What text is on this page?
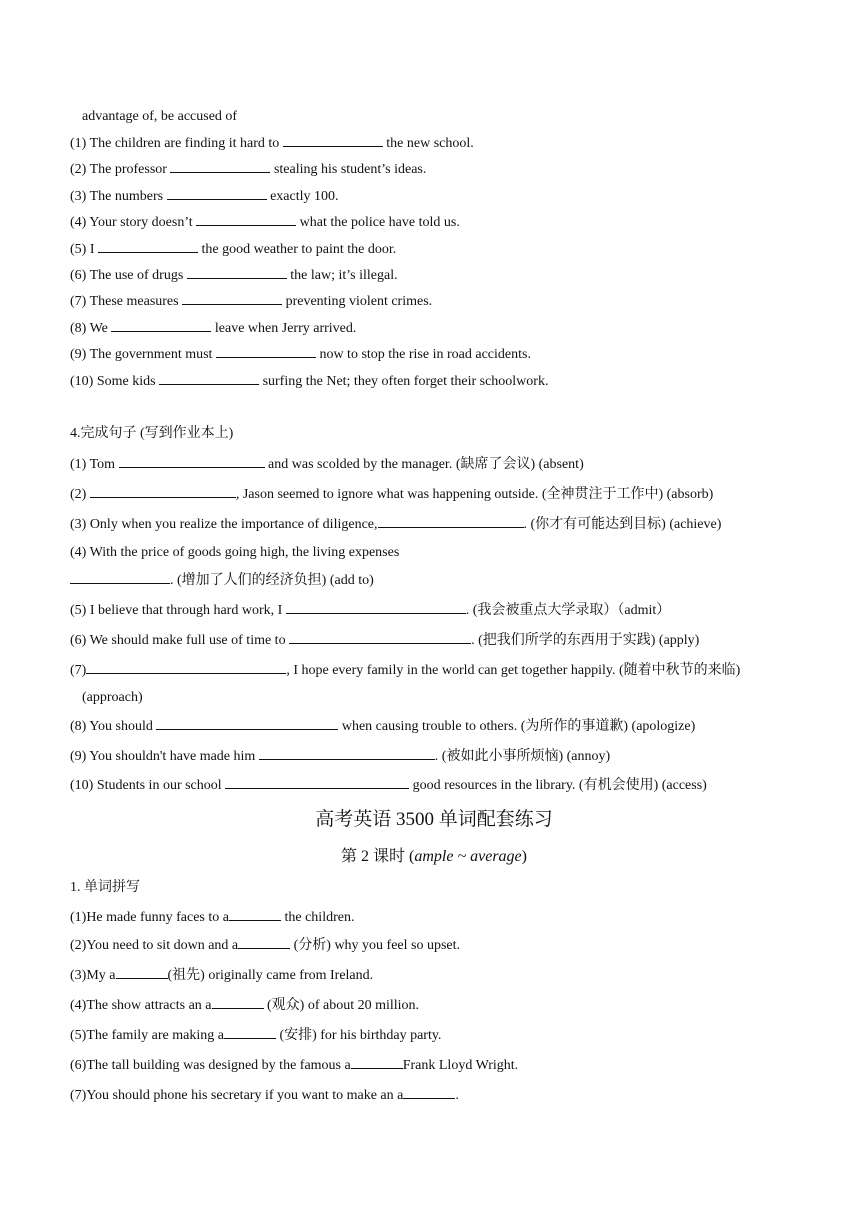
advantage of, be accused of
(1) The children are finding it hard to	the new school.
(2) The professor	stealing his student’s ideas.
(3) The numbers	exactly 100.
(4) Your story doesn’t	what the police have told us.
(5) I	the good weather to paint the door.
(6) The use of drugs	the law; it’s illegal.
(7) These measures	preventing violent crimes.
(8) We	leave when Jerry arrived.
(9) The government must	now to stop the rise in road accidents.
(10) Some kids	surfing the Net; they often forget their schoolwork.
4.完成句子 (写到作业本上)
(1) Tom	and was scolded by the manager. (缺席了会议) (absent)
(2)	, Jason seemed to ignore what was happening outside. (全神贯注于工作中) (absorb)
(3) Only when you realize the importance of diligence,	. (你才有可能达到目标) (achieve)
(4) With the price of goods going high, the living expenses
. (增加了人们的经济负担) (add to)
(5) I believe that through hard work, I	. (我会被重点大学录取）（admit）
(6) We should make full use of time to	. (把我们所学的东西用于实践) (apply)
(7)	, I hope every family in the world can get together happily. (随着中秋节的来临)
(approach)
(8) You should	when causing trouble to others. (为所作的事道歉) (apologize)
(9) You shouldn't have made him	. (被如此小事所烦恼) (annoy)
(10) Students in our school	good resources in the library. (有机会使用) (access)
高考英语 3500 单词配套练习
第 2 课时 (ample ~ average)
1. 单词拼写
(1)He made funny faces to a	the children.
(2)You need to sit down and a	(分析) why you feel so upset.
(3)My a	(祖先) originally came from Ireland.
(4)The show attracts an a	(观众) of about 20 million.
(5)The family are making a	(安排) for his birthday party.
(6)The tall building was designed by the famous a	Frank Lloyd Wright.
(7)You should phone his secretary if you want to make an a	.
